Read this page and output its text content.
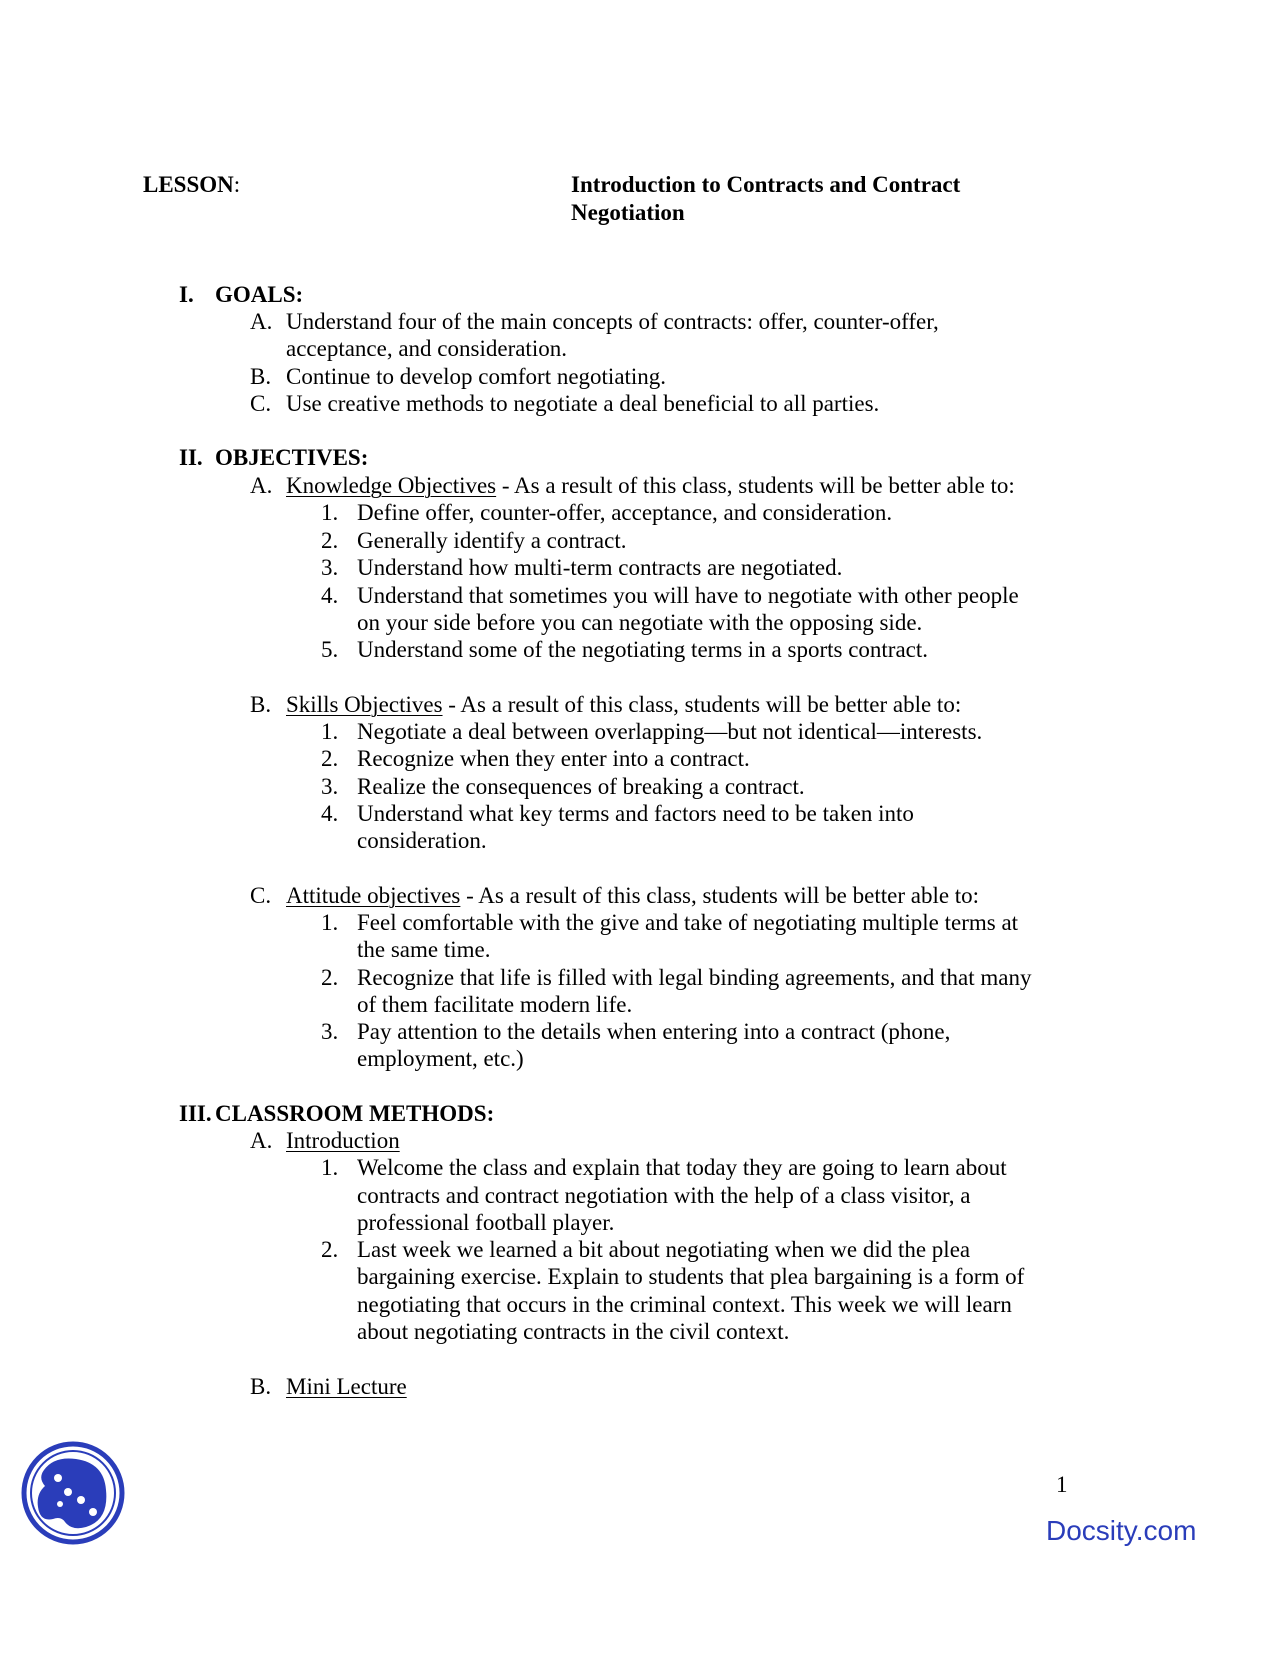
LESSON:	Introduction to Contracts and Contract
Negotiation
I. GOALS:
A. Understand four of the main concepts of contracts: offer, counter-offer,
acceptance, and consideration.
B. Continue to develop comfort negotiating.
C. Use creative methods to negotiate a deal beneficial to all parties.
II. OBJECTIVES:
A. Knowledge Objectives - As a result of this class, students will be better able to:
1. Define offer, counter-offer, acceptance, and consideration.
2. Generally identify a contract.
3. Understand how multi-term contracts are negotiated.
4. Understand that sometimes you will have to negotiate with other people
on your side before you can negotiate with the opposing side.
5. Understand some of the negotiating terms in a sports contract.
B. Skills Objectives - As a result of this class, students will be better able to:
1. Negotiate a deal between overlapping—but not identical—interests.
2. Recognize when they enter into a contract.
3. Realize the consequences of breaking a contract.
4. Understand what key terms and factors need to be taken into
consideration.
C. Attitude objectives - As a result of this class, students will be better able to:
1. Feel comfortable with the give and take of negotiating multiple terms at
the same time.
2. Recognize that life is filled with legal binding agreements, and that many
of them facilitate modern life.
3. Pay attention to the details when entering into a contract (phone,
employment, etc.)
III. CLASSROOM METHODS:
A. Introduction
1. Welcome the class and explain that today they are going to learn about
contracts and contract negotiation with the help of a class visitor, a
professional football player.
2. Last week we learned a bit about negotiating when we did the plea
bargaining exercise. Explain to students that plea bargaining is a form of
negotiating that occurs in the criminal context. This week we will learn
about negotiating contracts in the civil context.
B. Mini Lecture
1
Docsity.com
